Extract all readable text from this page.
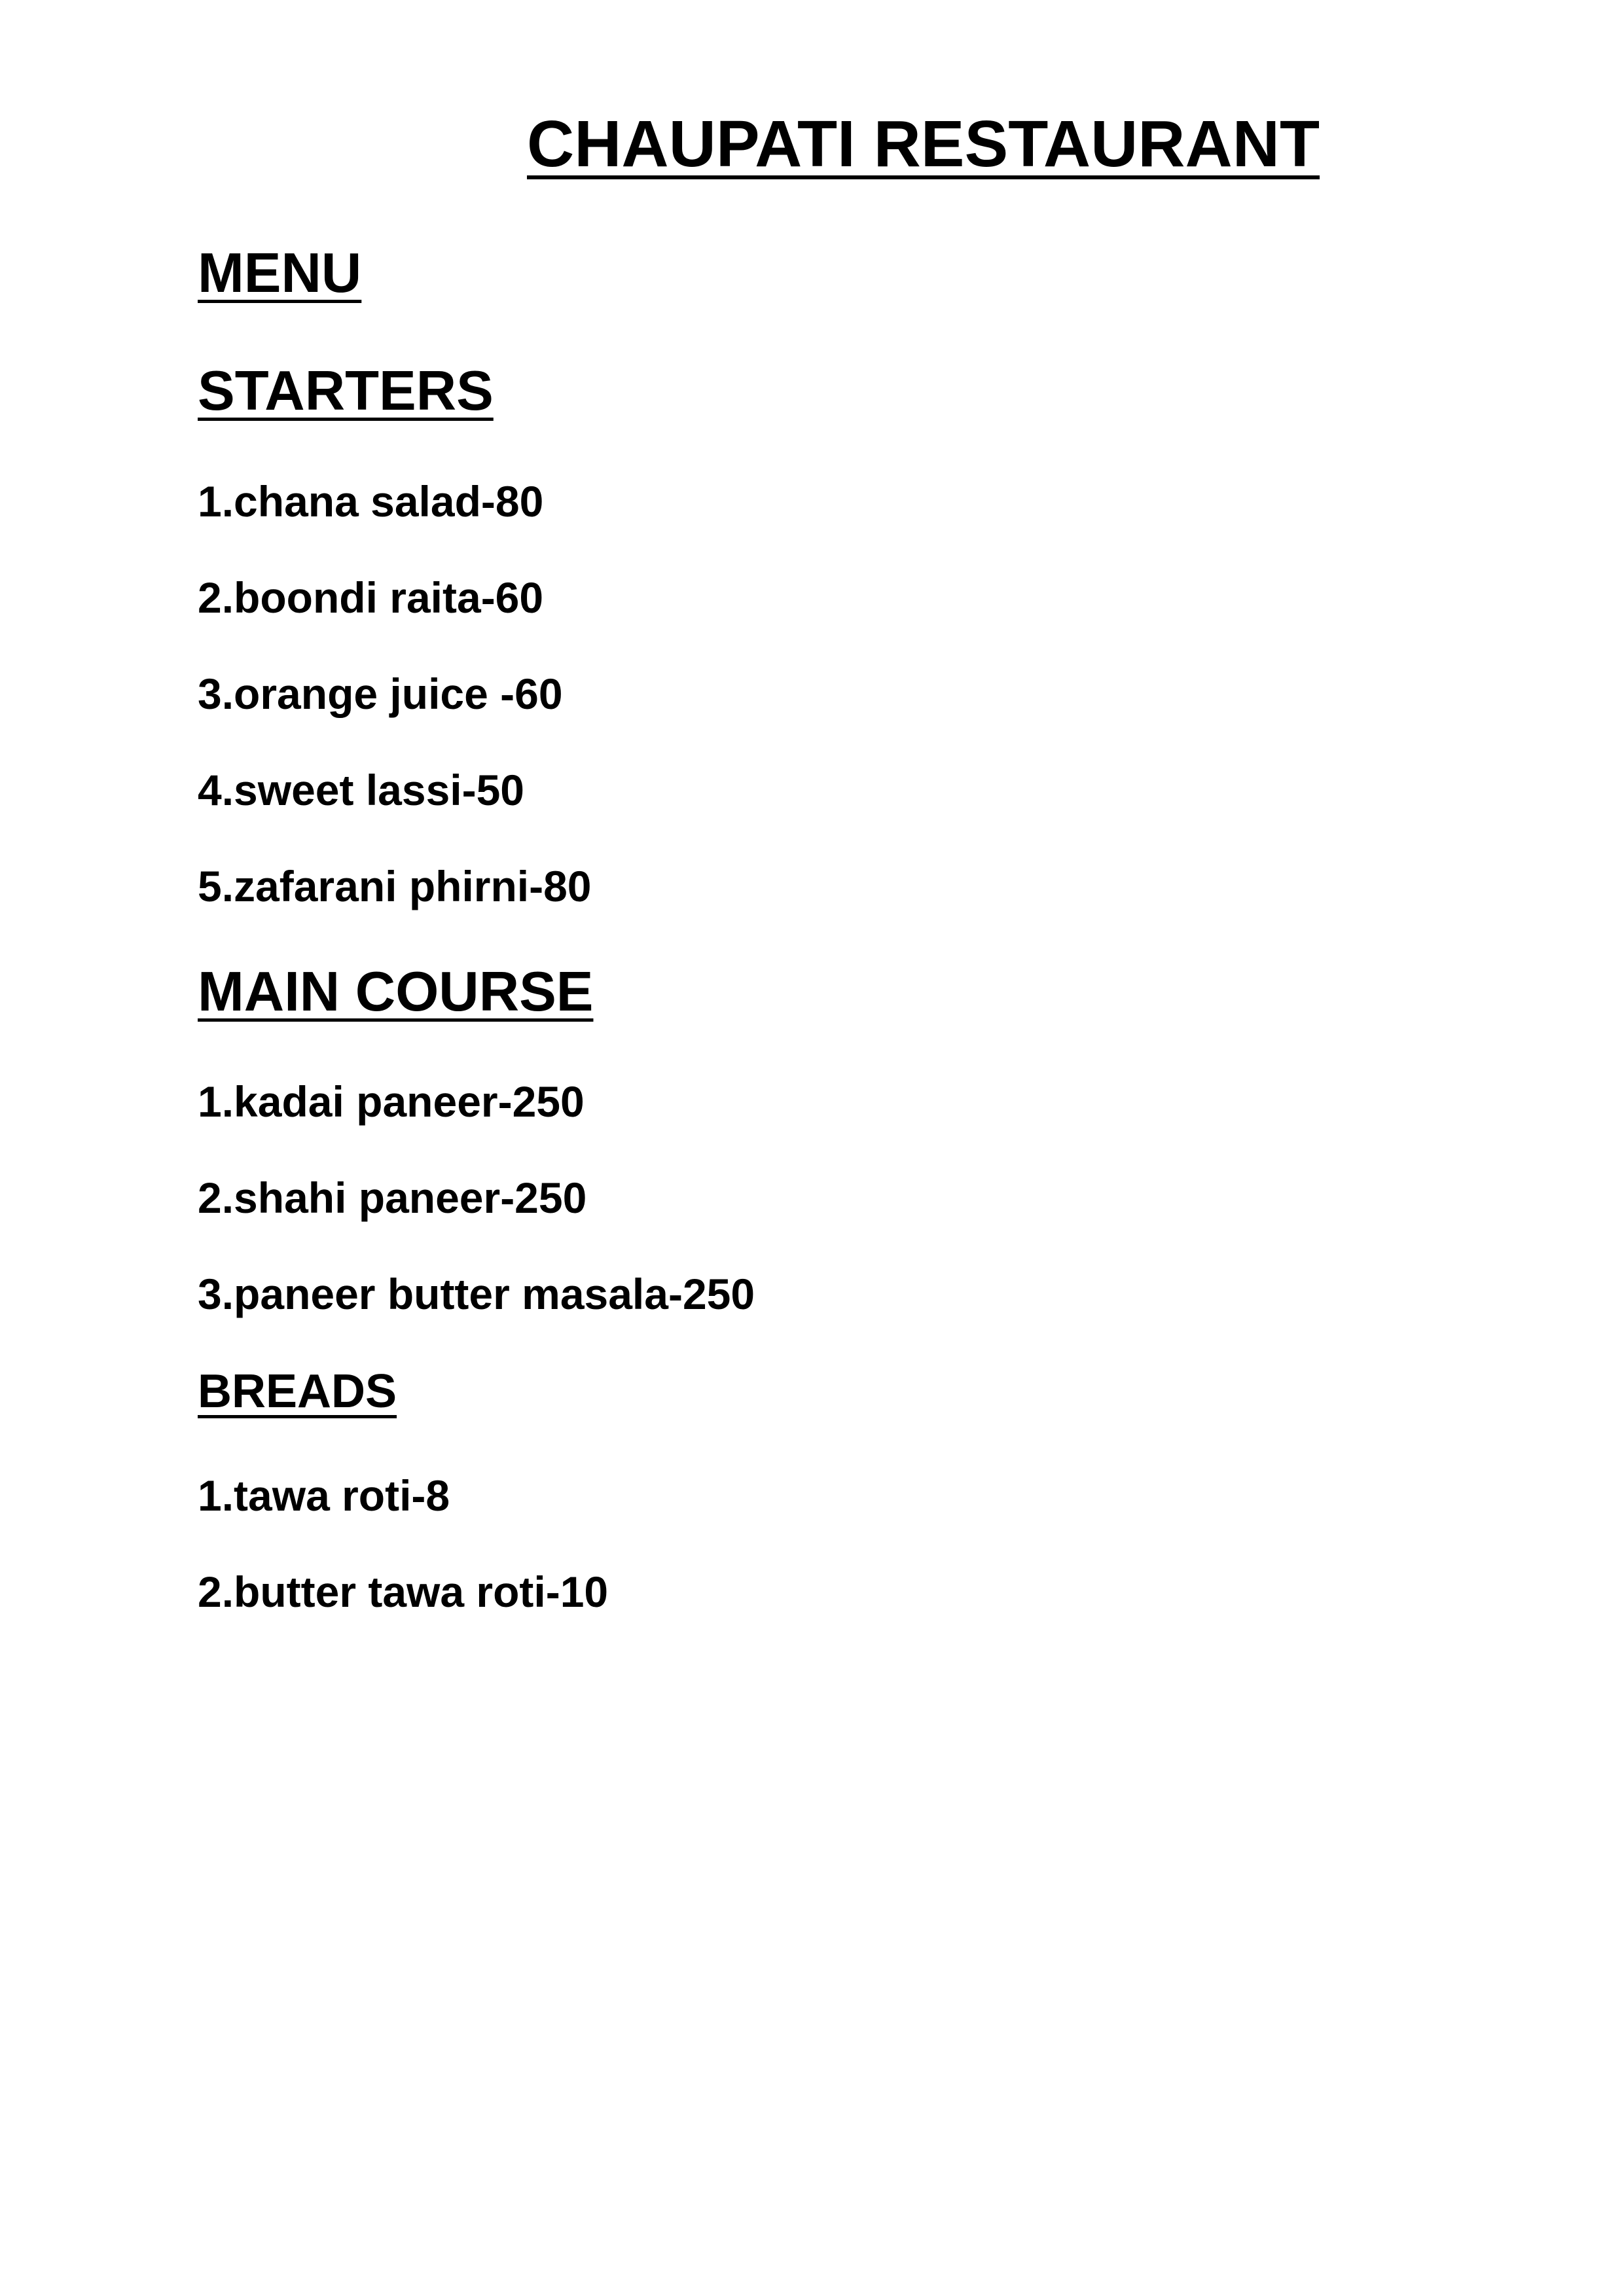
CHAUPATI RESTAURANT
MENU
STARTERS

1.chana salad-80

2.boondi raita-60

3.orange juice -60

4.sweet lassi-50

5.zafarani phirni-80

MAIN COURSE

1.kadai paneer-250

2.shahi paneer-250

3.paneer butter masala-250

BREADS

1.tawa roti-8

2.butter tawa roti-10
